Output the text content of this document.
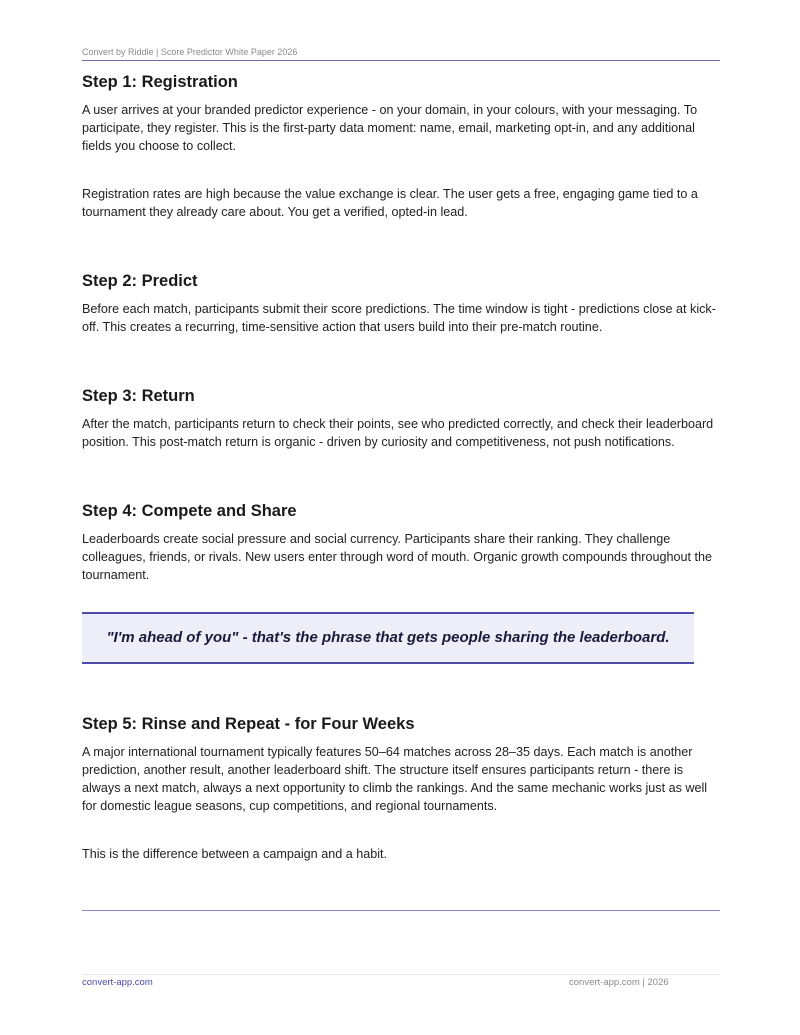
Convert by Riddle | Score Predictor White Paper 2026
Step 1: Registration

A user arrives at your branded predictor experience - on your domain, in your colours, with your messaging. To participate, they register. This is the first-party data moment: name, email, marketing opt-in, and any additional fields you choose to collect.

Registration rates are high because the value exchange is clear. The user gets a free, engaging game tied to a tournament they already care about. You get a verified, opted-in lead.

Step 2: Predict

Before each match, participants submit their score predictions. The time window is tight - predictions close at kick-off. This creates a recurring, time-sensitive action that users build into their pre-match routine.

Step 3: Return

After the match, participants return to check their points, see who predicted correctly, and check their leaderboard position. This post-match return is organic - driven by curiosity and competitiveness, not push notifications.

Step 4: Compete and Share

Leaderboards create social pressure and social currency. Participants share their ranking. They challenge colleagues, friends, or rivals. New users enter through word of mouth. Organic growth compounds throughout the tournament.

"I'm ahead of you" - that's the phrase that gets people sharing the leaderboard.
Step 5: Rinse and Repeat - for Four Weeks

A major international tournament typically features 50–64 matches across 28–35 days. Each match is another prediction, another result, another leaderboard shift. The structure itself ensures participants return - there is always a next match, always a next opportunity to climb the rankings. And the same mechanic works just as well for domestic league seasons, cup competitions, and regional tournaments.

This is the difference between a campaign and a habit.

convert-app.com	convert-app.com | 2026
